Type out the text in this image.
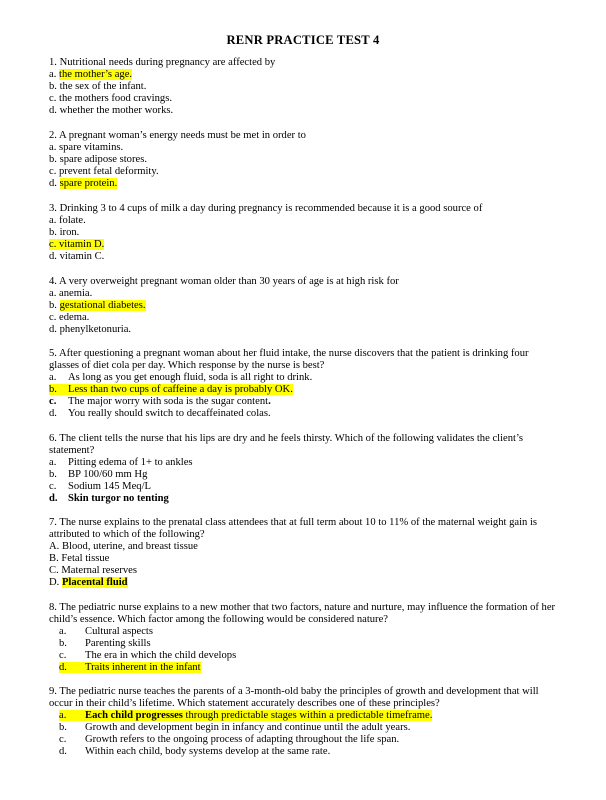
RENR PRACTICE TEST 4
1. Nutritional needs during pregnancy are affected by
a. the mother’s age.
b. the sex of the infant.
c. the mothers food cravings.
d. whether the mother works.
2. A pregnant woman’s energy needs must be met in order to
a. spare vitamins.
b. spare adipose stores.
c. prevent fetal deformity.
d. spare protein.
3. Drinking 3 to 4 cups of milk a day during pregnancy is recommended because it is a good source of
a. folate.
b. iron.
c. vitamin D.
d. vitamin C.
4. A very overweight pregnant woman older than 30 years of age is at high risk for
a. anemia.
b. gestational diabetes.
c. edema.
d. phenylketonuria.
5. After questioning a pregnant woman about her fluid intake, the nurse discovers that the patient is drinking four glasses of diet cola per day. Which response by the nurse is best?
a. As long as you get enough fluid, soda is all right to drink.
b. Less than two cups of caffeine a day is probably OK.
c. The major worry with soda is the sugar content.
d. You really should switch to decaffeinated colas.
6. The client tells the nurse that his lips are dry and he feels thirsty. Which of the following validates the client’s statement?
a. Pitting edema of 1+ to ankles
b. BP 100/60 mm Hg
c. Sodium 145 Meq/L
d. Skin turgor no tenting
7. The nurse explains to the prenatal class attendees that at full term about 10 to 11% of the maternal weight gain is attributed to which of the following?
A. Blood, uterine, and breast tissue
B. Fetal tissue
C. Maternal reserves
D. Placental fluid
8. The pediatric nurse explains to a new mother that two factors, nature and nurture, may influence the formation of her child’s essence. Which factor among the following would be considered nature?
a. Cultural aspects
b. Parenting skills
c. The era in which the child develops
d. Traits inherent in the infant
9. The pediatric nurse teaches the parents of a 3-month-old baby the principles of growth and development that will occur in their child’s lifetime. Which statement accurately describes one of these principles?
a. Each child progresses through predictable stages within a predictable timeframe.
b. Growth and development begin in infancy and continue until the adult years.
c. Growth refers to the ongoing process of adapting throughout the life span.
d. Within each child, body systems develop at the same rate.
